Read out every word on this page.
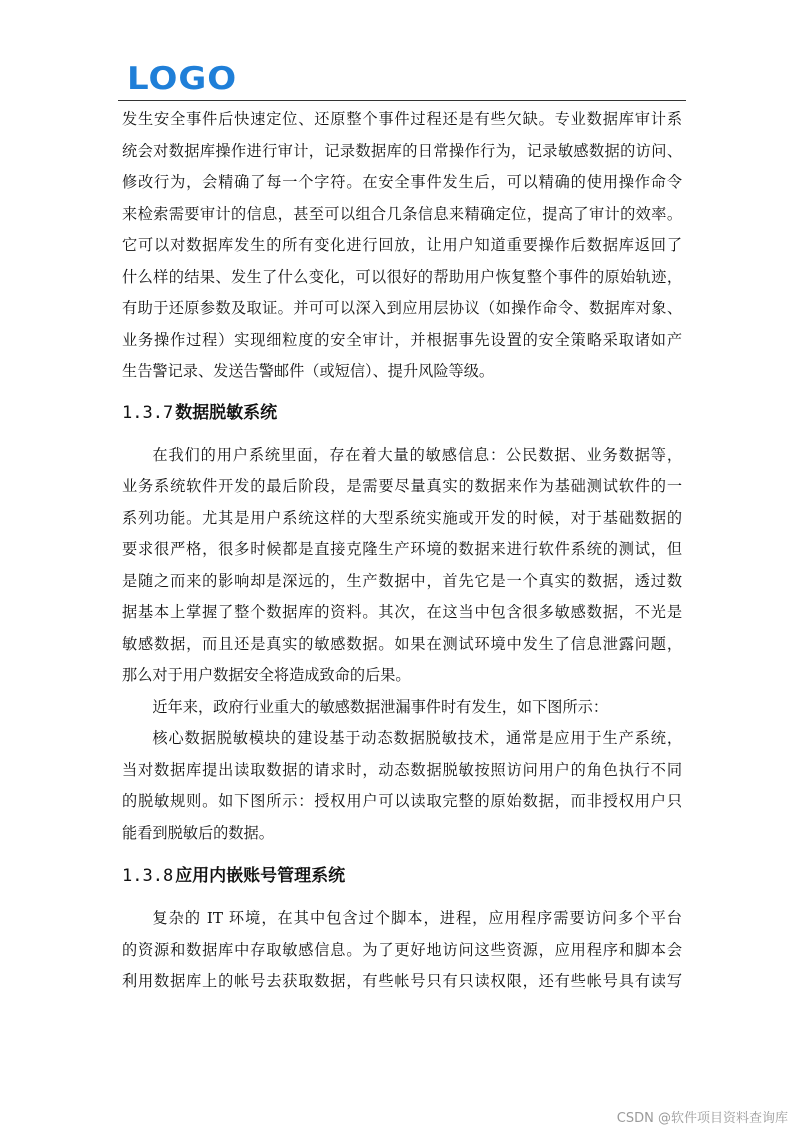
LOGO

发生安全事件后快速定位、还原整个事件过程还是有些欠缺。专业数据库审计系

统会对数据库操作进行审计，记录数据库的日常操作行为，记录敏感数据的访问、

修改行为，会精确了每一个字符。在安全事件发生后，可以精确的使用操作命令

来检索需要审计的信息，甚至可以组合几条信息来精确定位，提高了审计的效率。

它可以对数据库发生的所有变化进行回放，让用户知道重要操作后数据库返回了

什么样的结果、发生了什么变化，可以很好的帮助用户恢复整个事件的原始轨迹，

有助于还原参数及取证。并可可以深入到应用层协议（如操作命令、数据库对象、

业务操作过程）实现细粒度的安全审计，并根据事先设置的安全策略采取诸如产

生告警记录、发送告警邮件（或短信）、提升风险等级。

1.3.7 数据脱敏系统

在我们的用户系统里面，存在着大量的敏感信息：公民数据、业务数据等，

业务系统软件开发的最后阶段，是需要尽量真实的数据来作为基础测试软件的一

系列功能。尤其是用户系统这样的大型系统实施或开发的时候，对于基础数据的

要求很严格，很多时候都是直接克隆生产环境的数据来进行软件系统的测试，但

是随之而来的影响却是深远的，生产数据中，首先它是一个真实的数据，透过数

据基本上掌握了整个数据库的资料。其次，在这当中包含很多敏感数据，不光是

敏感数据，而且还是真实的敏感数据。如果在测试环境中发生了信息泄露问题，

那么对于用户数据安全将造成致命的后果。

近年来，政府行业重大的敏感数据泄漏事件时有发生，如下图所示：

核心数据脱敏模块的建设基于动态数据脱敏技术，通常是应用于生产系统，

当对数据库提出读取数据的请求时，动态数据脱敏按照访问用户的角色执行不同

的脱敏规则。如下图所示：授权用户可以读取完整的原始数据，而非授权用户只

能看到脱敏后的数据。

1.3.8 应用内嵌账号管理系统

复杂的 IT 环境，在其中包含过个脚本，进程，应用程序需要访问多个平台

的资源和数据库中存取敏感信息。为了更好地访问这些资源，应用程序和脚本会

利用数据库上的帐号去获取数据，有些帐号只有只读权限，还有些帐号具有读写

CSDN @软件项目资料查询库
